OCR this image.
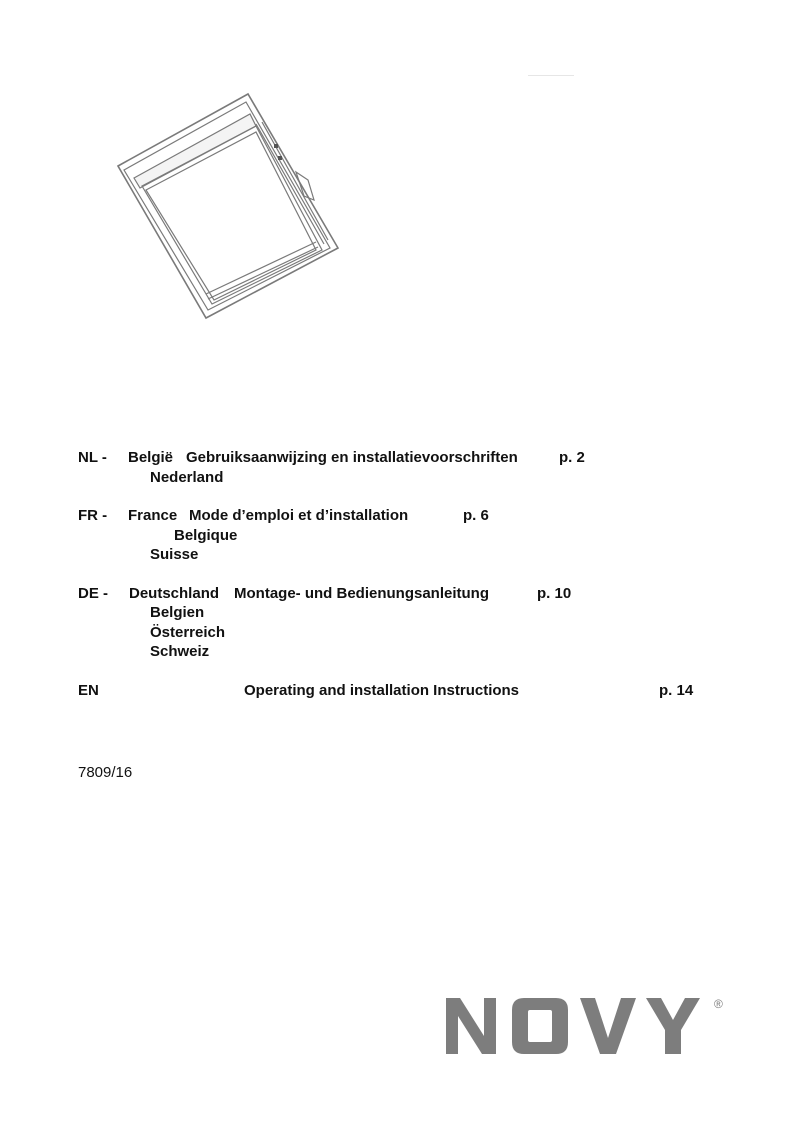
NL - België Gebruiksaanwijzing en installatievoorschriften	p. 2
Nederland
FR - France Mode d’emploi et d’installation	p. 6
Belgique
Suisse
DE - Deutschland Montage- und Bedienungsanleitung	p. 10
Belgien
Österreich
Schweiz
EN	Operating and installation Instructions	p. 14
7809/16
®
